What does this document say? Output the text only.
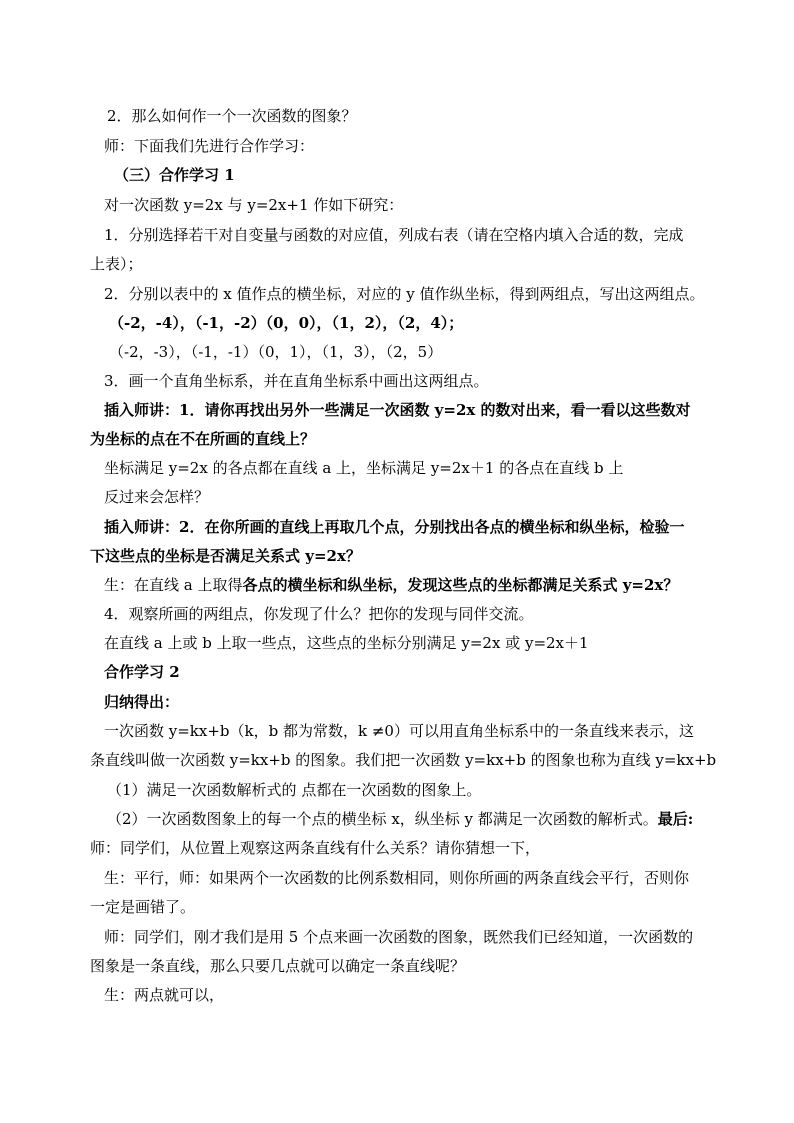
2．那么如何作一个一次函数的图象？
师：下面我们先进行合作学习：
（三）合作学习 1
对一次函数 y=2x 与 y=2x+1 作如下研究：
1．分别选择若干对自变量与函数的对应值，列成右表（请在空格内填入合适的数，完成
上表）；
2．分别以表中的 x 值作点的横坐标，对应的 y 值作纵坐标，得到两组点，写出这两组点。
（-2，-4），（-1，-2）（0，0），（1，2），（2，4）；
（-2，-3），（-1，-1）（0，1），（1，3），（2，5）
3．画一个直角坐标系，并在直角坐标系中画出这两组点。
插入师讲：1．请你再找出另外一些满足一次函数 y=2x 的数对出来，看一看以这些数对
为坐标的点在不在所画的直线上？
坐标满足 y=2x 的各点都在直线 a 上，坐标满足 y=2x＋1 的各点在直线 b 上
反过来会怎样？
插入师讲：2．在你所画的直线上再取几个点，分别找出各点的横坐标和纵坐标，检验一
下这些点的坐标是否满足关系式 y=2x？
生：在直线 a 上取得各点的横坐标和纵坐标，发现这些点的坐标都满足关系式 y=2x？
4．观察所画的两组点，你发现了什么？把你的发现与同伴交流。
在直线 a 上或 b 上取一些点，这些点的坐标分别满足 y=2x 或 y=2x＋1
合作学习 2
归纳得出：
一次函数 y=kx+b（k，b 都为常数，k ≠0）可以用直角坐标系中的一条直线来表示，这
条直线叫做一次函数 y=kx+b 的图象。我们把一次函数 y=kx+b 的图象也称为直线 y=kx+b
（1）满足一次函数解析式的 点都在一次函数的图象上。
（2）一次函数图象上的每一个点的横坐标 x，纵坐标 y 都满足一次函数的解析式。最后:
师：同学们，从位置上观察这两条直线有什么关系？请你猜想一下，
生：平行，师：如果两个一次函数的比例系数相同，则你所画的两条直线会平行，否则你
一定是画错了。
师：同学们，刚才我们是用 5 个点来画一次函数的图象，既然我们已经知道，一次函数的
图象是一条直线，那么只要几点就可以确定一条直线呢？
生：两点就可以，
